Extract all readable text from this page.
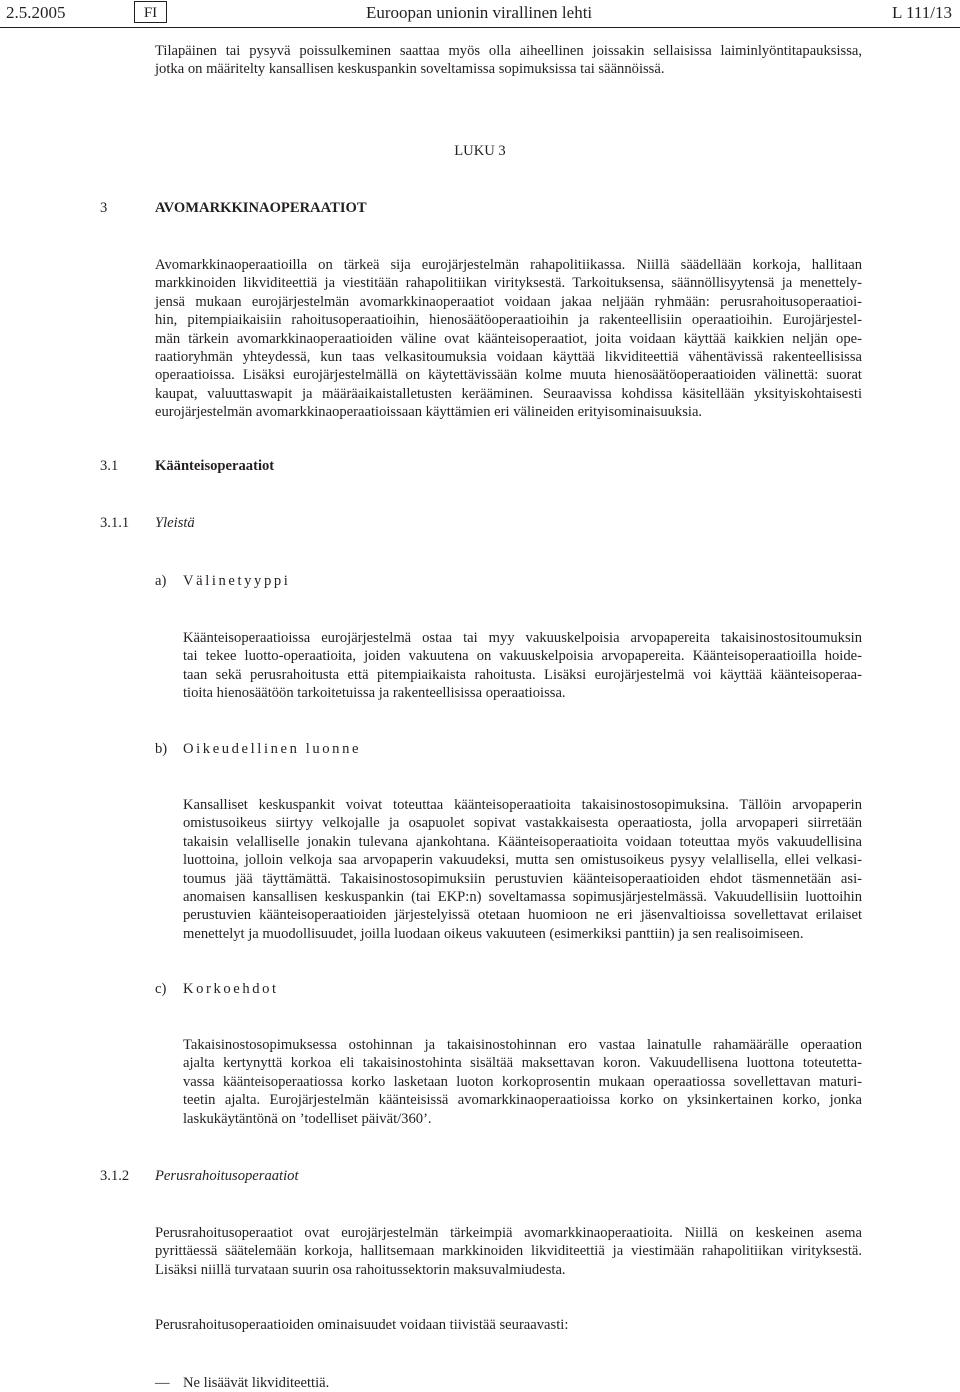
2.5.2005	FI	Euroopan unionin virallinen lehti	L 111/13
Tilapäinen tai pysyvä poissulkeminen saattaa myös olla aiheellinen joissakin sellaisissa laiminlyöntitapauksissa,
jotka on määritelty kansallisen keskuspankin soveltamissa sopimuksissa tai säännöissä.
LUKU 3
3	AVOMARKKINAOPERAATIOT
Avomarkkinaoperaatioilla on tärkeä sija eurojärjestelmän rahapolitiikassa. Niillä säädellään korkoja, hallitaan
markkinoiden likviditeettiä ja viestitään rahapolitiikan virityksestä. Tarkoituksensa, säännöllisyytensä ja menettely-
jensä mukaan eurojärjestelmän avomarkkinaoperaatiot voidaan jakaa neljään ryhmään: perusrahoitusoperaatioi-
hin, pitempiaikaisiin rahoitusoperaatioihin, hienosäätöoperaatioihin ja rakenteellisiin operaatioihin. Eurojärjestel-
män tärkein avomarkkinaoperaatioiden väline ovat käänteisoperaatiot, joita voidaan käyttää kaikkien neljän ope-
raatioryhmän yhteydessä, kun taas velkasitoumuksia voidaan käyttää likviditeettiä vähentävissä rakenteellisissa
operaatioissa. Lisäksi eurojärjestelmällä on käytettävissään kolme muuta hienosäätöoperaatioiden välinettä: suorat
kaupat, valuuttaswapit ja määräaikaistalletusten kerääminen. Seuraavissa kohdissa käsitellään yksityiskohtaisesti
eurojärjestelmän avomarkkinaoperaatioissaan käyttämien eri välineiden erityisominaisuuksia.
3.1	Käänteisoperaatiot
3.1.1 Yleistä
a)	Välinetyyppi
Käänteisoperaatioissa eurojärjestelmä ostaa tai myy vakuuskelpoisia arvopapereita takaisinostositoumuksin
tai tekee luotto-operaatioita, joiden vakuutena on vakuuskelpoisia arvopapereita. Käänteisoperaatioilla hoide-
taan sekä perusrahoitusta että pitempiaikaista rahoitusta. Lisäksi eurojärjestelmä voi käyttää käänteisoperaa-
tioita hienosäätöön tarkoitetuissa ja rakenteellisissa operaatioissa.
b)	Oikeudellinen luonne
Kansalliset keskuspankit voivat toteuttaa käänteisoperaatioita takaisinostosopimuksina. Tällöin arvopaperin
omistusoikeus siirtyy velkojalle ja osapuolet sopivat vastakkaisesta operaatiosta, jolla arvopaperi siirretään
takaisin velalliselle jonakin tulevana ajankohtana. Käänteisoperaatioita voidaan toteuttaa myös vakuudellisina
luottoina, jolloin velkoja saa arvopaperin vakuudeksi, mutta sen omistusoikeus pysyy velallisella, ellei velkasi-
toumus jää täyttämättä. Takaisinostosopimuksiin perustuvien käänteisoperaatioiden ehdot täsmennetään asi-
anomaisen kansallisen keskuspankin (tai EKP:n) soveltamassa sopimusjärjestelmässä. Vakuudellisiin luottoihin
perustuvien käänteisoperaatioiden järjestelyissä otetaan huomioon ne eri jäsenvaltioissa sovellettavat erilaiset
menettelyt ja muodollisuudet, joilla luodaan oikeus vakuuteen (esimerkiksi panttiin) ja sen realisoimiseen.
c)	Korkoehdot
Takaisinostosopimuksessa ostohinnan ja takaisinostohinnan ero vastaa lainatulle rahamäärälle operaation
ajalta kertynyttä korkoa eli takaisinostohinta sisältää maksettavan koron. Vakuudellisena luottona toteutetta-
vassa käänteisoperaatiossa korko lasketaan luoton korkoprosentin mukaan operaatiossa sovellettavan maturi-
teetin ajalta. Eurojärjestelmän käänteisissä avomarkkinaoperaatioissa korko on yksinkertainen korko, jonka
laskukäytäntönä on ’todelliset päivät/360’.
3.1.2 Perusrahoitusoperaatiot
Perusrahoitusoperaatiot ovat eurojärjestelmän tärkeimpiä avomarkkinaoperaatioita. Niillä on keskeinen asema
pyrittäessä säätelemään korkoja, hallitsemaan markkinoiden likviditeettiä ja viestimään rahapolitiikan virityksestä.
Lisäksi niillä turvataan suurin osa rahoitussektorin maksuvalmiudesta.
Perusrahoitusoperaatioiden ominaisuudet voidaan tiivistää seuraavasti:
— Ne lisäävät likviditeettiä.
